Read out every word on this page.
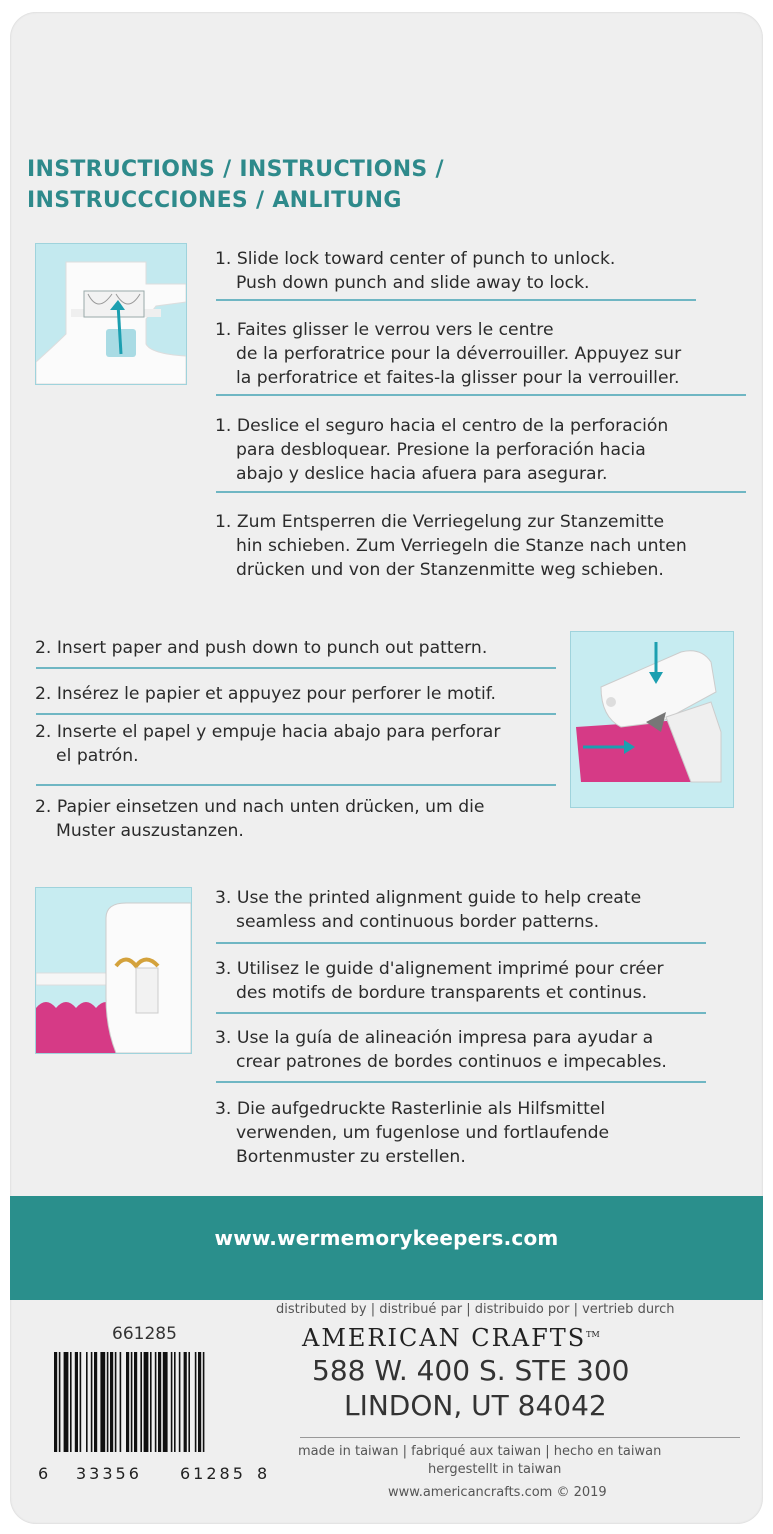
INSTRUCTIONS / INSTRUCTIONS /
INSTRUCCCIONES / ANLITUNG
1. Slide lock toward center of punch to unlock.
Push down punch and slide away to lock.
1. Faites glisser le verrou vers le centre
de la perforatrice pour la déverrouiller. Appuyez sur
la perforatrice et faites-la glisser pour la verrouiller.
1. Deslice el seguro hacia el centro de la perforación
para desbloquear. Presione la perforación hacia
abajo y deslice hacia afuera para asegurar.
1. Zum Entsperren die Verriegelung zur Stanzemitte
hin schieben. Zum Verriegeln die Stanze nach unten
drücken und von der Stanzenmitte weg schieben.
2. Insert paper and push down to punch out pattern.
2. Insérez le papier et appuyez pour perforer le motif.
2. Inserte el papel y empuje hacia abajo para perforar
el patrón.
2. Papier einsetzen und nach unten drücken, um die
Muster auszustanzen.
3. Use the printed alignment guide to help create
seamless and continuous border patterns.
3. Utilisez le guide d'alignement imprimé pour créer
des motifs de bordure transparents et continus.
3. Use la guía de alineación impresa para ayudar a
crear patrones de bordes continuos e impecables.
3. Die aufgedruckte Rasterlinie als Hilfsmittel
verwenden, um fugenlose und fortlaufende
Bortenmuster zu erstellen.
www.wermemorykeepers.com
661285
distributed by | distribué par | distribuido por | vertrieb durch
AMERICAN CRAFTS™
588 W. 400 S. STE 300
LINDON, UT 84042
made in taiwan | fabriqué aux taiwan | hecho en taiwan
hergestellt in taiwan
www.americancrafts.com © 2019
6 33356 61285 8
